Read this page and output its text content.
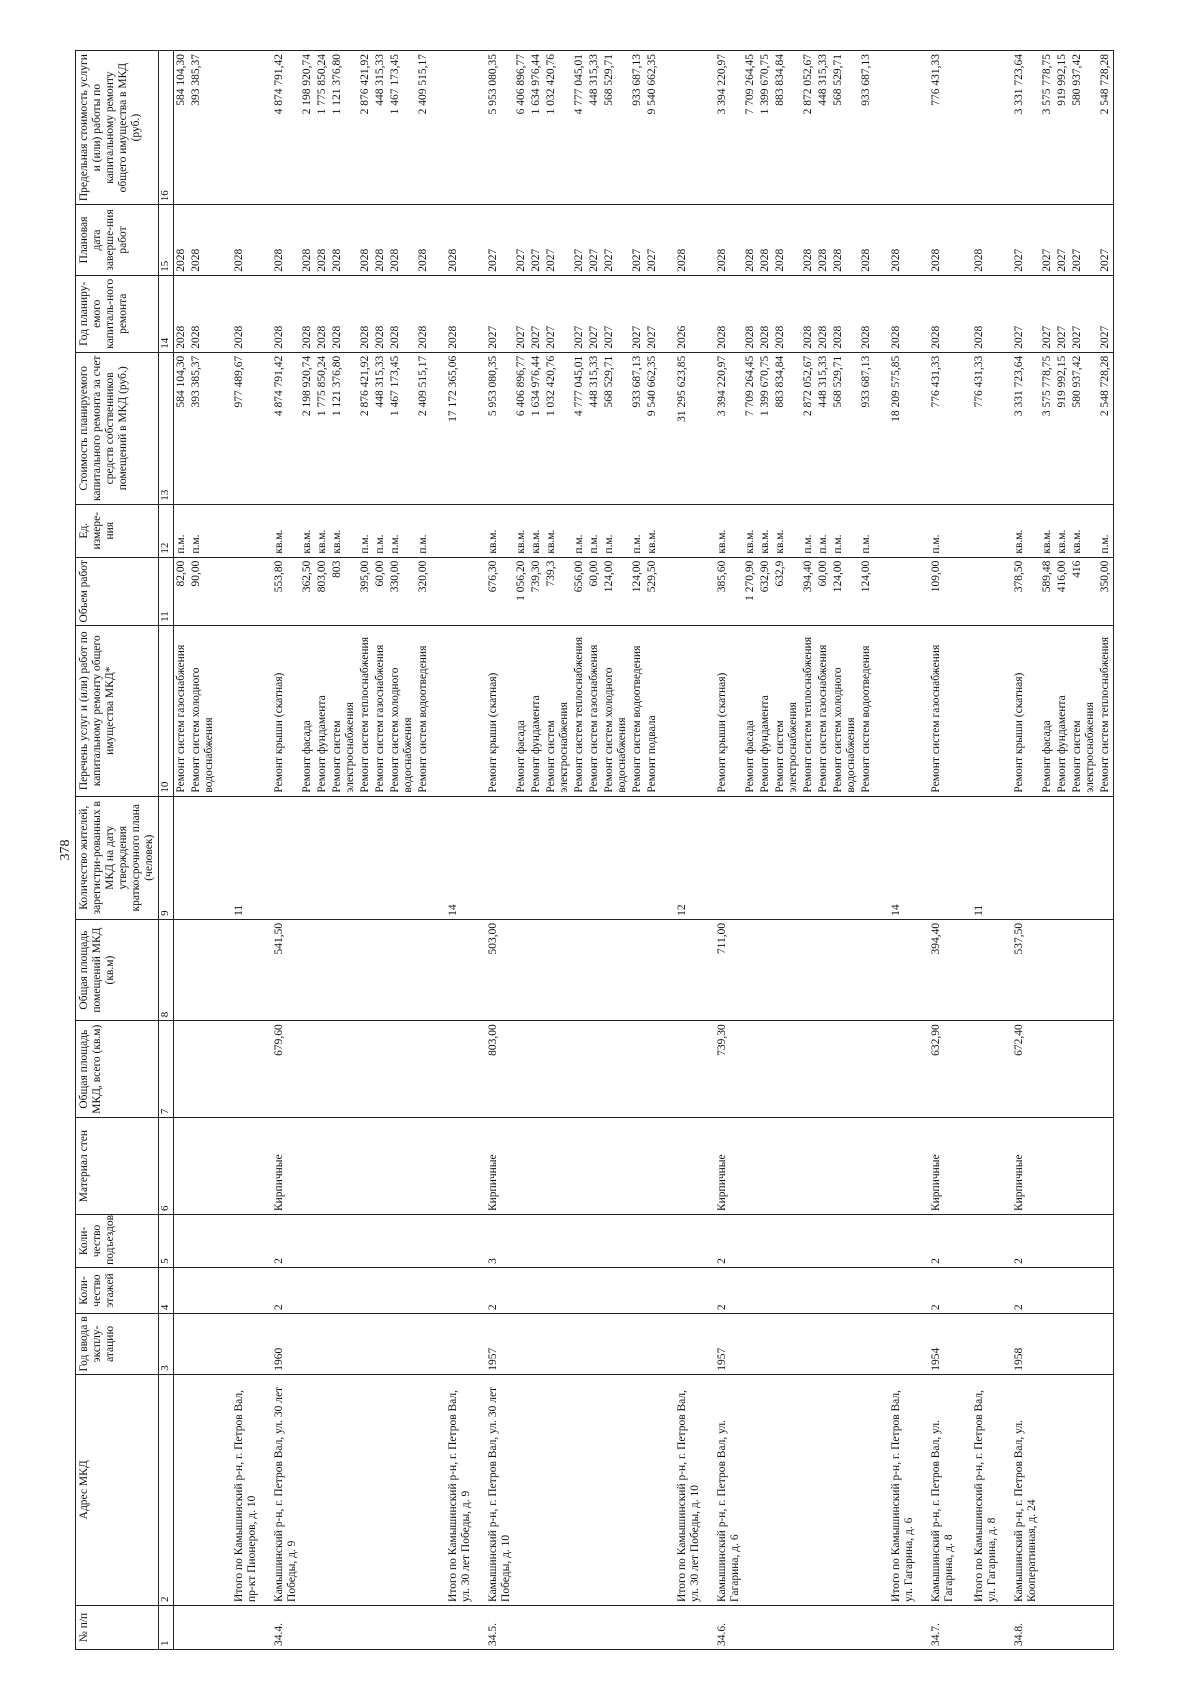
378
№ п/п	Адрес МКД	Год ввода в эксплу-атацию	Коли-чество этажей	Коли-чество подъездов	Материал стен	Общая площадь МКД, всего (кв.м)	Общая площадь помещений МКД (кв.м)	Количество жителей, зарегистри-рованных в МКД на дату утверждения краткосрочного плана (человек)	Перечень услуг и (или) работ по капитальному ремонту общего имущества МКД*	Объем работ	Ед. измере-ния	Стоимость планируемого капитального ремонта за счет средств собственников помещений в МКД (руб.)	Год планиру-емого капиталь-ного ремонта	Плановая дата заверше-ния работ	Предельная стоимость услуги и (или) работы по капитальному ремонту общего имущества в МКД (руб.)
1	2	3	4	5	6	7	8	9	10	11	12	13	14	15	16
									Ремонт систем газоснабжения	82,00	п.м.	584 104,30	2028	2028	584 104,30
									Ремонт систем холодного водоснабжения	90,00	п.м.	393 385,37	2028	2028	393 385,37

	Итого по Камышинский р-н, г. Петров Вал, пр-кт Пионеров, д. 10							11				977 489,67	2028	2028	

34.4.	Камышинский р-н, г. Петров Вал, ул. 30 лет Победы, д. 9	1960	2	2	Кирпичные	679,60	541,50		Ремонт крыши (скатная)	553,80	кв.м.	4 874 791,42	2028	2028	4 874 791,42
									Ремонт фасада	362,50	кв.м.	2 198 920,74	2028	2028	2 198 920,74
									Ремонт фундамента	803,00	кв.м.	1 775 850,24	2028	2028	1 775 850,24
									Ремонт систем электроснабжения	803	кв.м.	1 121 376,80	2028	2028	1 121 376,80
									Ремонт систем теплоснабжения	395,00	п.м.	2 876 421,92	2028	2028	2 876 421,92
									Ремонт систем газоснабжения	60,00	п.м.	448 315,33	2028	2028	448 315,33
									Ремонт систем холодного водоснабжения	330,00	п.м.	1 467 173,45	2028	2028	1 467 173,45
									Ремонт систем водоотведения	320,00	п.м.	2 409 515,17	2028	2028	2 409 515,17

	Итого по Камышинский р-н, г. Петров Вал, ул. 30 лет Победы, д. 9							14				17 172 365,06	2028	2028	

34.5.	Камышинский р-н, г. Петров Вал, ул. 30 лет Победы, д. 10	1957	2	3	Кирпичные	803,00	503,00		Ремонт крыши (скатная)	676,30	кв.м.	5 953 080,35	2027	2027	5 953 080,35
									Ремонт фасада	1 056,20	кв.м.	6 406 896,77	2027	2027	6 406 896,77
									Ремонт фундамента	739,30	кв.м.	1 634 976,44	2027	2027	1 634 976,44
									Ремонт систем электроснабжения	739,3	кв.м.	1 032 420,76	2027	2027	1 032 420,76
									Ремонт систем теплоснабжения	656,00	п.м.	4 777 045,01	2027	2027	4 777 045,01
									Ремонт систем газоснабжения	60,00	п.м.	448 315,33	2027	2027	448 315,33
									Ремонт систем холодного водоснабжения	124,00	п.м.	568 529,71	2027	2027	568 529,71
									Ремонт систем водоотведения	124,00	п.м.	933 687,13	2027	2027	933 687,13
									Ремонт подвала	529,50	кв.м.	9 540 662,35	2027	2027	9 540 662,35

	Итого по Камышинский р-н, г. Петров Вал, ул. 30 лет Победы, д. 10							12				31 295 623,85	2026	2028	

34.6.	Камышинский р-н, г. Петров Вал, ул. Гагарина, д. 6	1957	2	2	Кирпичные	739,30	711,00		Ремонт крыши (скатная)	385,60	кв.м.	3 394 220,97	2028	2028	3 394 220,97
									Ремонт фасада	1 270,90	кв.м.	7 709 264,45	2028	2028	7 709 264,45
									Ремонт фундамента	632,90	кв.м.	1 399 670,75	2028	2028	1 399 670,75
									Ремонт систем электроснабжения	632,9	кв.м.	883 834,84	2028	2028	883 834,84
									Ремонт систем теплоснабжения	394,40	п.м.	2 872 052,67	2028	2028	2 872 052,67
									Ремонт систем газоснабжения	60,00	п.м.	448 315,33	2028	2028	448 315,33
									Ремонт систем холодного водоснабжения	124,00	п.м.	568 529,71	2028	2028	568 529,71
									Ремонт систем водоотведения	124,00	п.м.	933 687,13	2028	2028	933 687,13

	Итого по Камышинский р-н, г. Петров Вал, ул. Гагарина, д. 6							14				18 209 575,85	2028	2028	

34.7.	Камышинский р-н, г. Петров Вал, ул. Гагарина, д. 8	1954	2	2	Кирпичные	632,90	394,40		Ремонт систем газоснабжения	109,00	п.м.	776 431,33	2028	2028	776 431,33

	Итого по Камышинский р-н, г. Петров Вал, ул. Гагарина, д. 8							11				776 431,33	2028	2028	

34.8.	Камышинский р-н, г. Петров Вал, ул. Кооперативная, д. 24	1958	2	2	Кирпичные	672,40	537,50		Ремонт крыши (скатная)	378,50	кв.м.	3 331 723,64	2027	2027	3 331 723,64
									Ремонт фасада	589,48	кв.м.	3 575 778,75	2027	2027	3 575 778,75
									Ремонт фундамента	416,00	кв.м.	919 992,15	2027	2027	919 992,15
									Ремонт систем электроснабжения	416	кв.м.	580 937,42	2027	2027	580 937,42
									Ремонт систем теплоснабжения	350,00	п.м.	2 548 728,28	2027	2027	2 548 728,28
